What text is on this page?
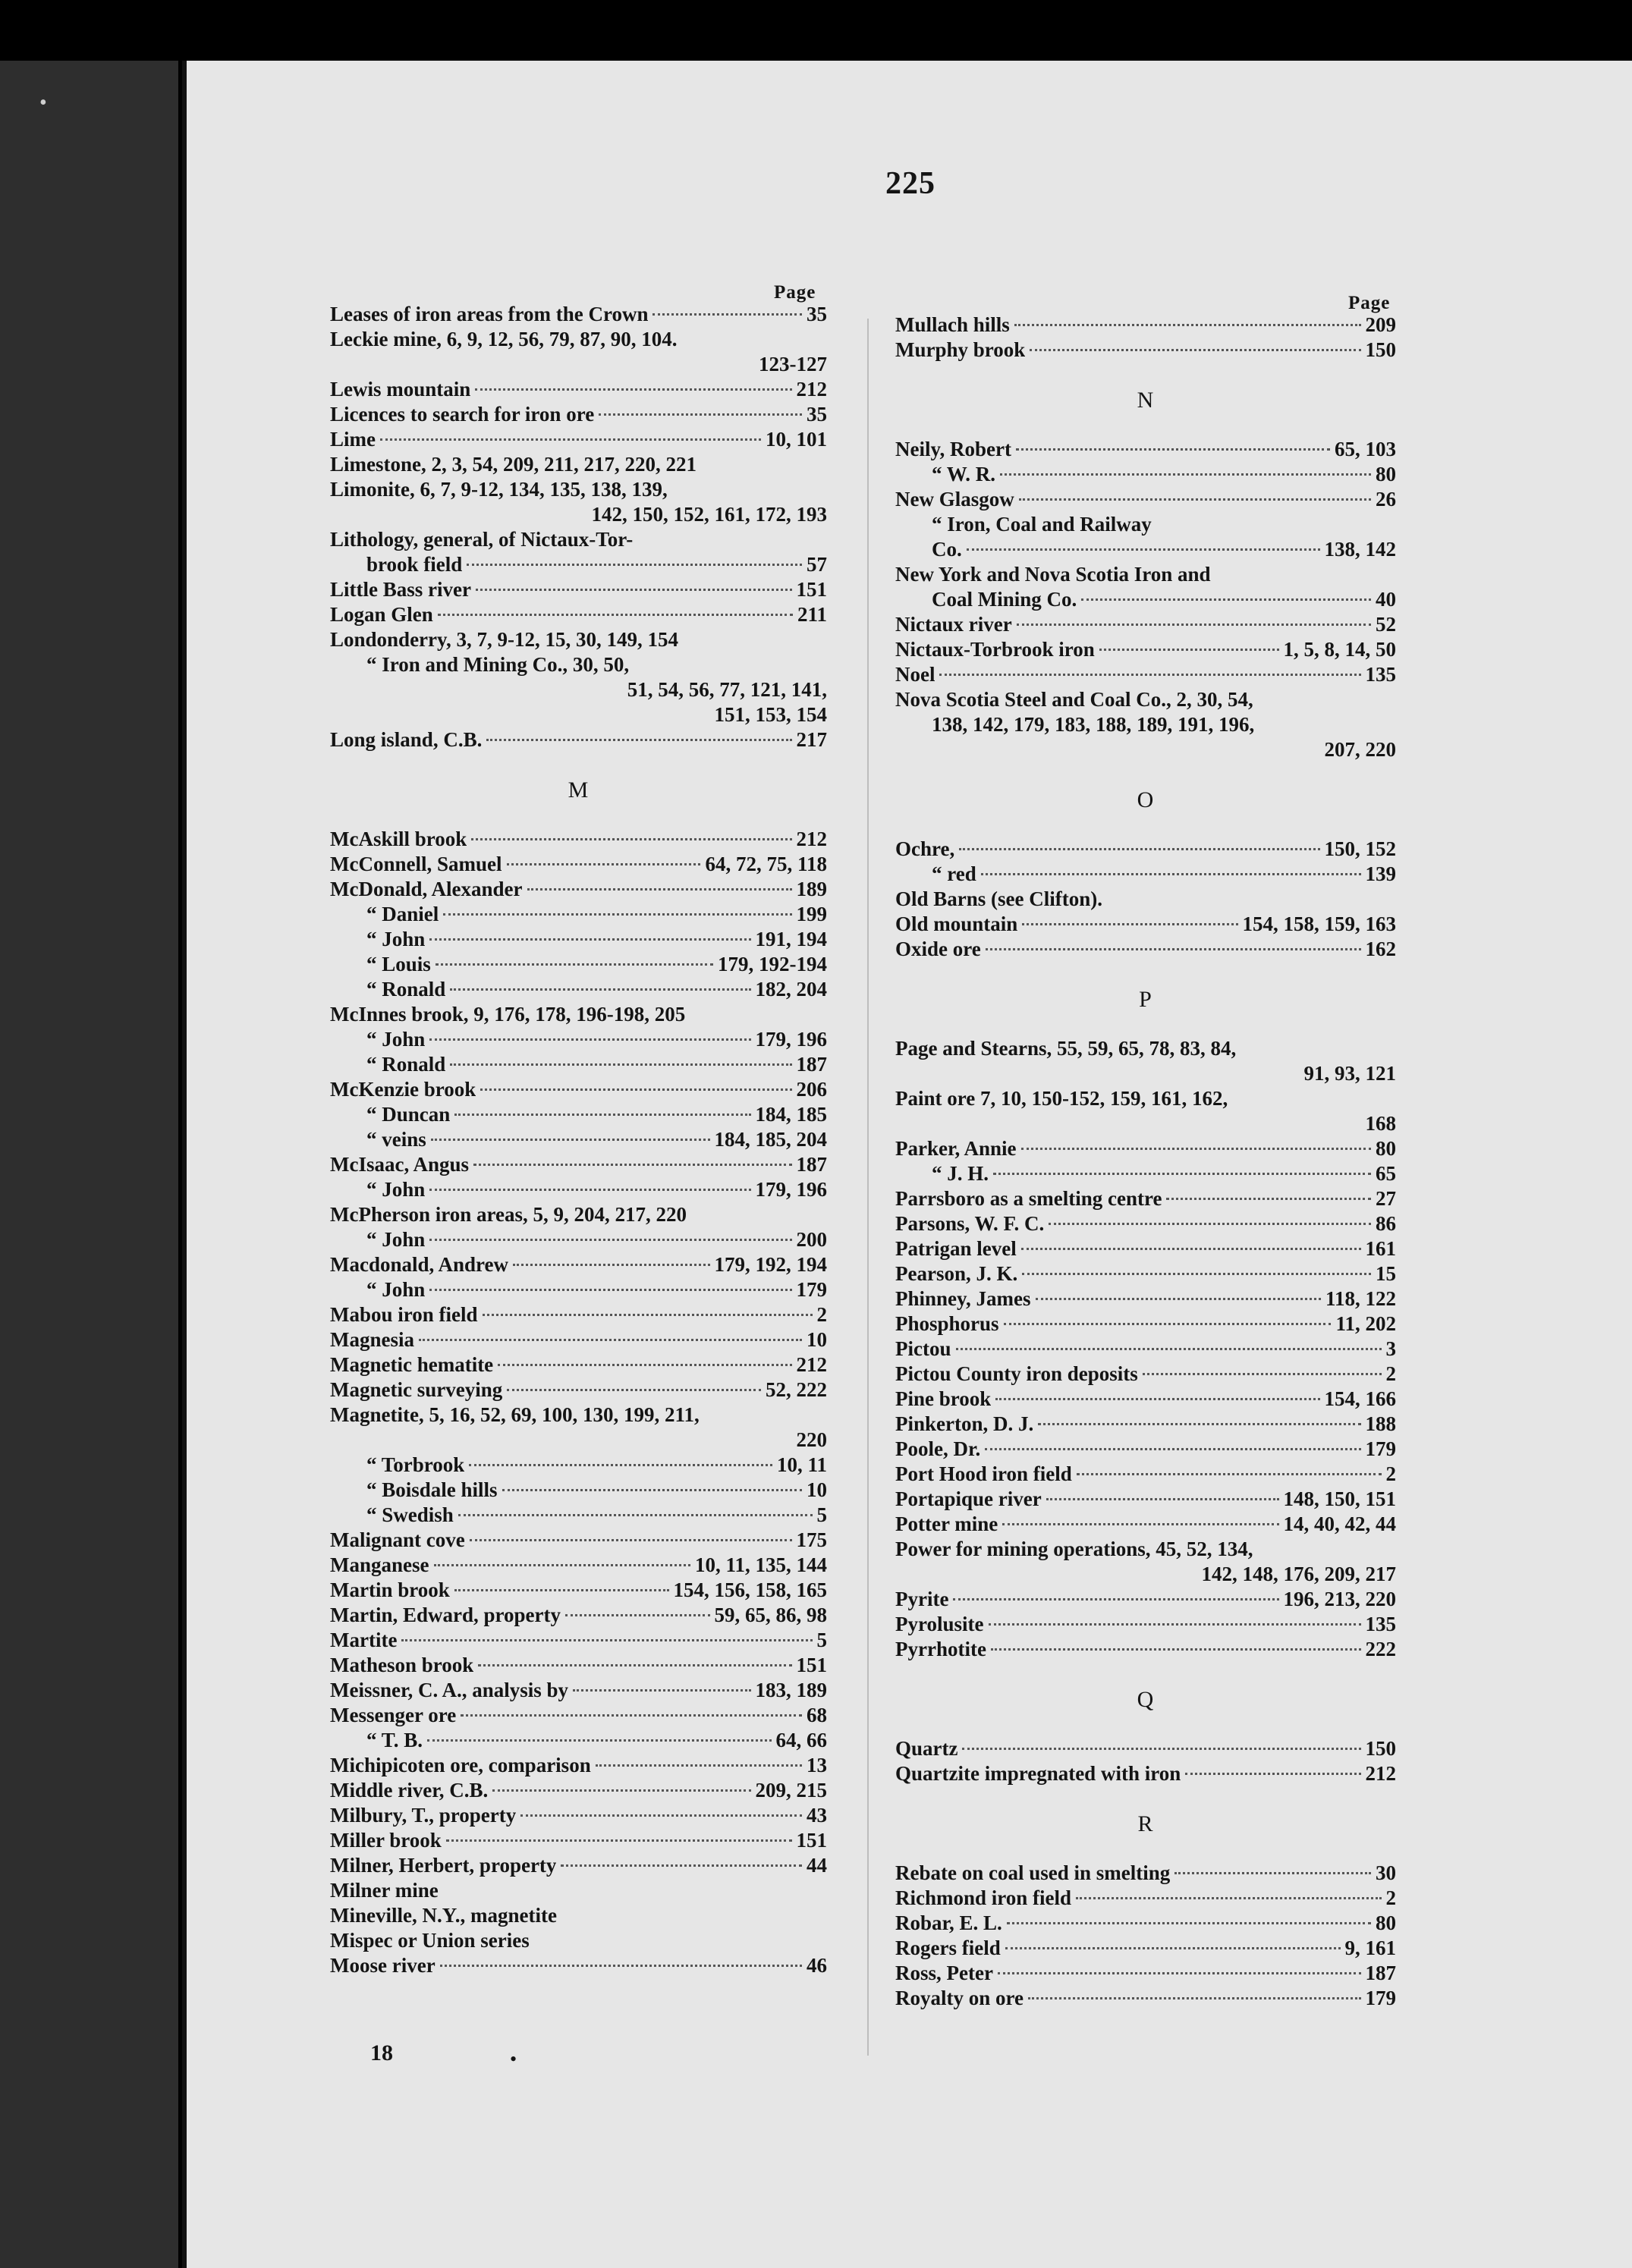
•
225
Page
Page
Leases of iron areas from the Crown	35
Leckie mine, 6, 9, 12, 56, 79, 87, 90, 104.
123-127
Lewis mountain	212
Licences to search for iron ore	35
Lime	10, 101
Limestone, 2, 3, 54, 209, 211, 217, 220, 221
Limonite, 6, 7, 9-12, 134, 135, 138, 139,
142, 150, 152, 161, 172, 193
Lithology, general, of Nictaux-Tor-
brook field	57
Little Bass river	151
Logan Glen	211
Londonderry, 3, 7, 9-12, 15, 30, 149, 154
“ Iron and Mining Co., 30, 50,
51, 54, 56, 77, 121, 141,
151, 153, 154
Long island, C.B.	217
M
McAskill brook	212
McConnell, Samuel	64, 72, 75, 118
McDonald, Alexander	189
“ Daniel	199
“ John	191, 194
“ Louis	179, 192-194
“ Ronald	182, 204
McInnes brook, 9, 176, 178, 196-198, 205
“ John	179, 196
“ Ronald	187
McKenzie brook	206
“ Duncan	184, 185
“ veins	184, 185, 204
McIsaac, Angus	187
“ John	179, 196
McPherson iron areas, 5, 9, 204, 217, 220
“ John	200
Macdonald, Andrew	179, 192, 194
“ John	179
Mabou iron field	2
Magnesia	10
Magnetic hematite	212
Magnetic surveying	52, 222
Magnetite, 5, 16, 52, 69, 100, 130, 199, 211,
220
“ Torbrook	10, 11
“ Boisdale hills	10
“ Swedish	5
Malignant cove	175
Manganese	10, 11, 135, 144
Martin brook	154, 156, 158, 165
Martin, Edward, property	59, 65, 86, 98
Martite	5
Matheson brook	151
Meissner, C. A., analysis by	183, 189
Messenger ore	68
“ T. B.	64, 66
Michipicoten ore, comparison	13
Middle river, C.B.	209, 215
Milbury, T., property	43
Miller brook	151
Milner, Herbert, property	44
Milner mine
Mineville, N.Y., magnetite
Mispec or Union series
Moose river	46
Mullach hills	209
Murphy brook	150
N
Neily, Robert	65, 103
“ W. R.	80
New Glasgow	26
“ Iron, Coal and Railway
Co.	138, 142
New York and Nova Scotia Iron and
Coal Mining Co.	40
Nictaux river	52
Nictaux-Torbrook iron	1, 5, 8, 14, 50
Noel	135
Nova Scotia Steel and Coal Co., 2, 30, 54,
138, 142, 179, 183, 188, 189, 191, 196,
207, 220
O
Ochre,	150, 152
“ red	139
Old Barns (see Clifton).
Old mountain	154, 158, 159, 163
Oxide ore	162
P
Page and Stearns, 55, 59, 65, 78, 83, 84,
91, 93, 121
Paint ore 7, 10, 150-152, 159, 161, 162,
168
Parker, Annie	80
“ J. H.	65
Parrsboro as a smelting centre	27
Parsons, W. F. C.	86
Patrigan level	161
Pearson, J. K.	15
Phinney, James	118, 122
Phosphorus	11, 202
Pictou	3
Pictou County iron deposits	2
Pine brook	154, 166
Pinkerton, D. J.	188
Poole, Dr.	179
Port Hood iron field	2
Portapique river	148, 150, 151
Potter mine	14, 40, 42, 44
Power for mining operations, 45, 52, 134,
142, 148, 176, 209, 217
Pyrite	196, 213, 220
Pyrolusite	135
Pyrrhotite	222
Q
Quartz	150
Quartzite impregnated with iron	212
R
Rebate on coal used in smelting	30
Richmond iron field	2
Robar, E. L.	80
Rogers field	9, 161
Ross, Peter	187
Royalty on ore	179
18	•
